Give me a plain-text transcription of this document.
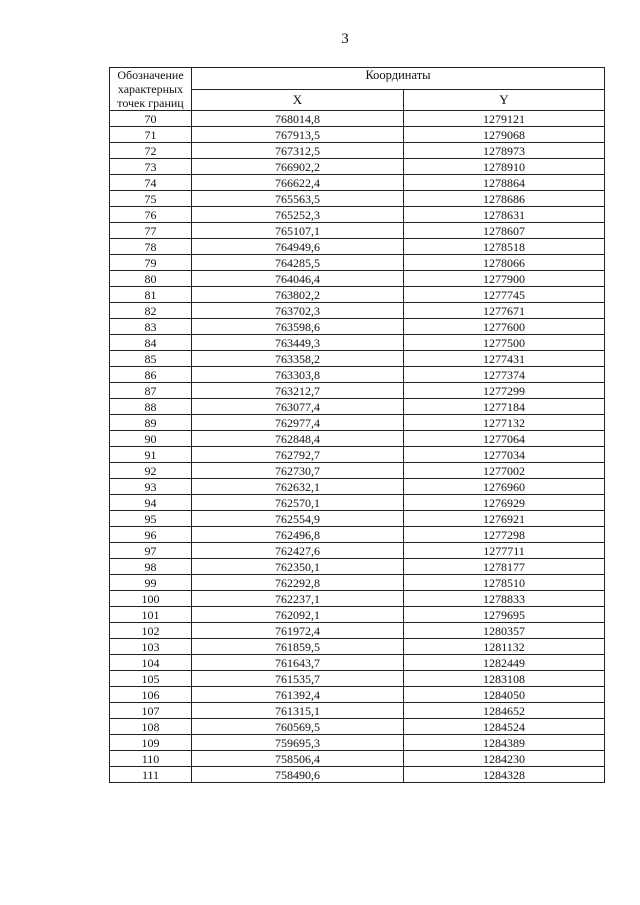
3
Обозначение характерных точек границ	Координаты	
	X	Y
70	768014,8	1279121
71	767913,5	1279068
72	767312,5	1278973
73	766902,2	1278910
74	766622,4	1278864
75	765563,5	1278686
76	765252,3	1278631
77	765107,1	1278607
78	764949,6	1278518
79	764285,5	1278066
80	764046,4	1277900
81	763802,2	1277745
82	763702,3	1277671
83	763598,6	1277600
84	763449,3	1277500
85	763358,2	1277431
86	763303,8	1277374
87	763212,7	1277299
88	763077,4	1277184
89	762977,4	1277132
90	762848,4	1277064
91	762792,7	1277034
92	762730,7	1277002
93	762632,1	1276960
94	762570,1	1276929
95	762554,9	1276921
96	762496,8	1277298
97	762427,6	1277711
98	762350,1	1278177
99	762292,8	1278510
100	762237,1	1278833
101	762092,1	1279695
102	761972,4	1280357
103	761859,5	1281132
104	761643,7	1282449
105	761535,7	1283108
106	761392,4	1284050
107	761315,1	1284652
108	760569,5	1284524
109	759695,3	1284389
110	758506,4	1284230
111	758490,6	1284328
